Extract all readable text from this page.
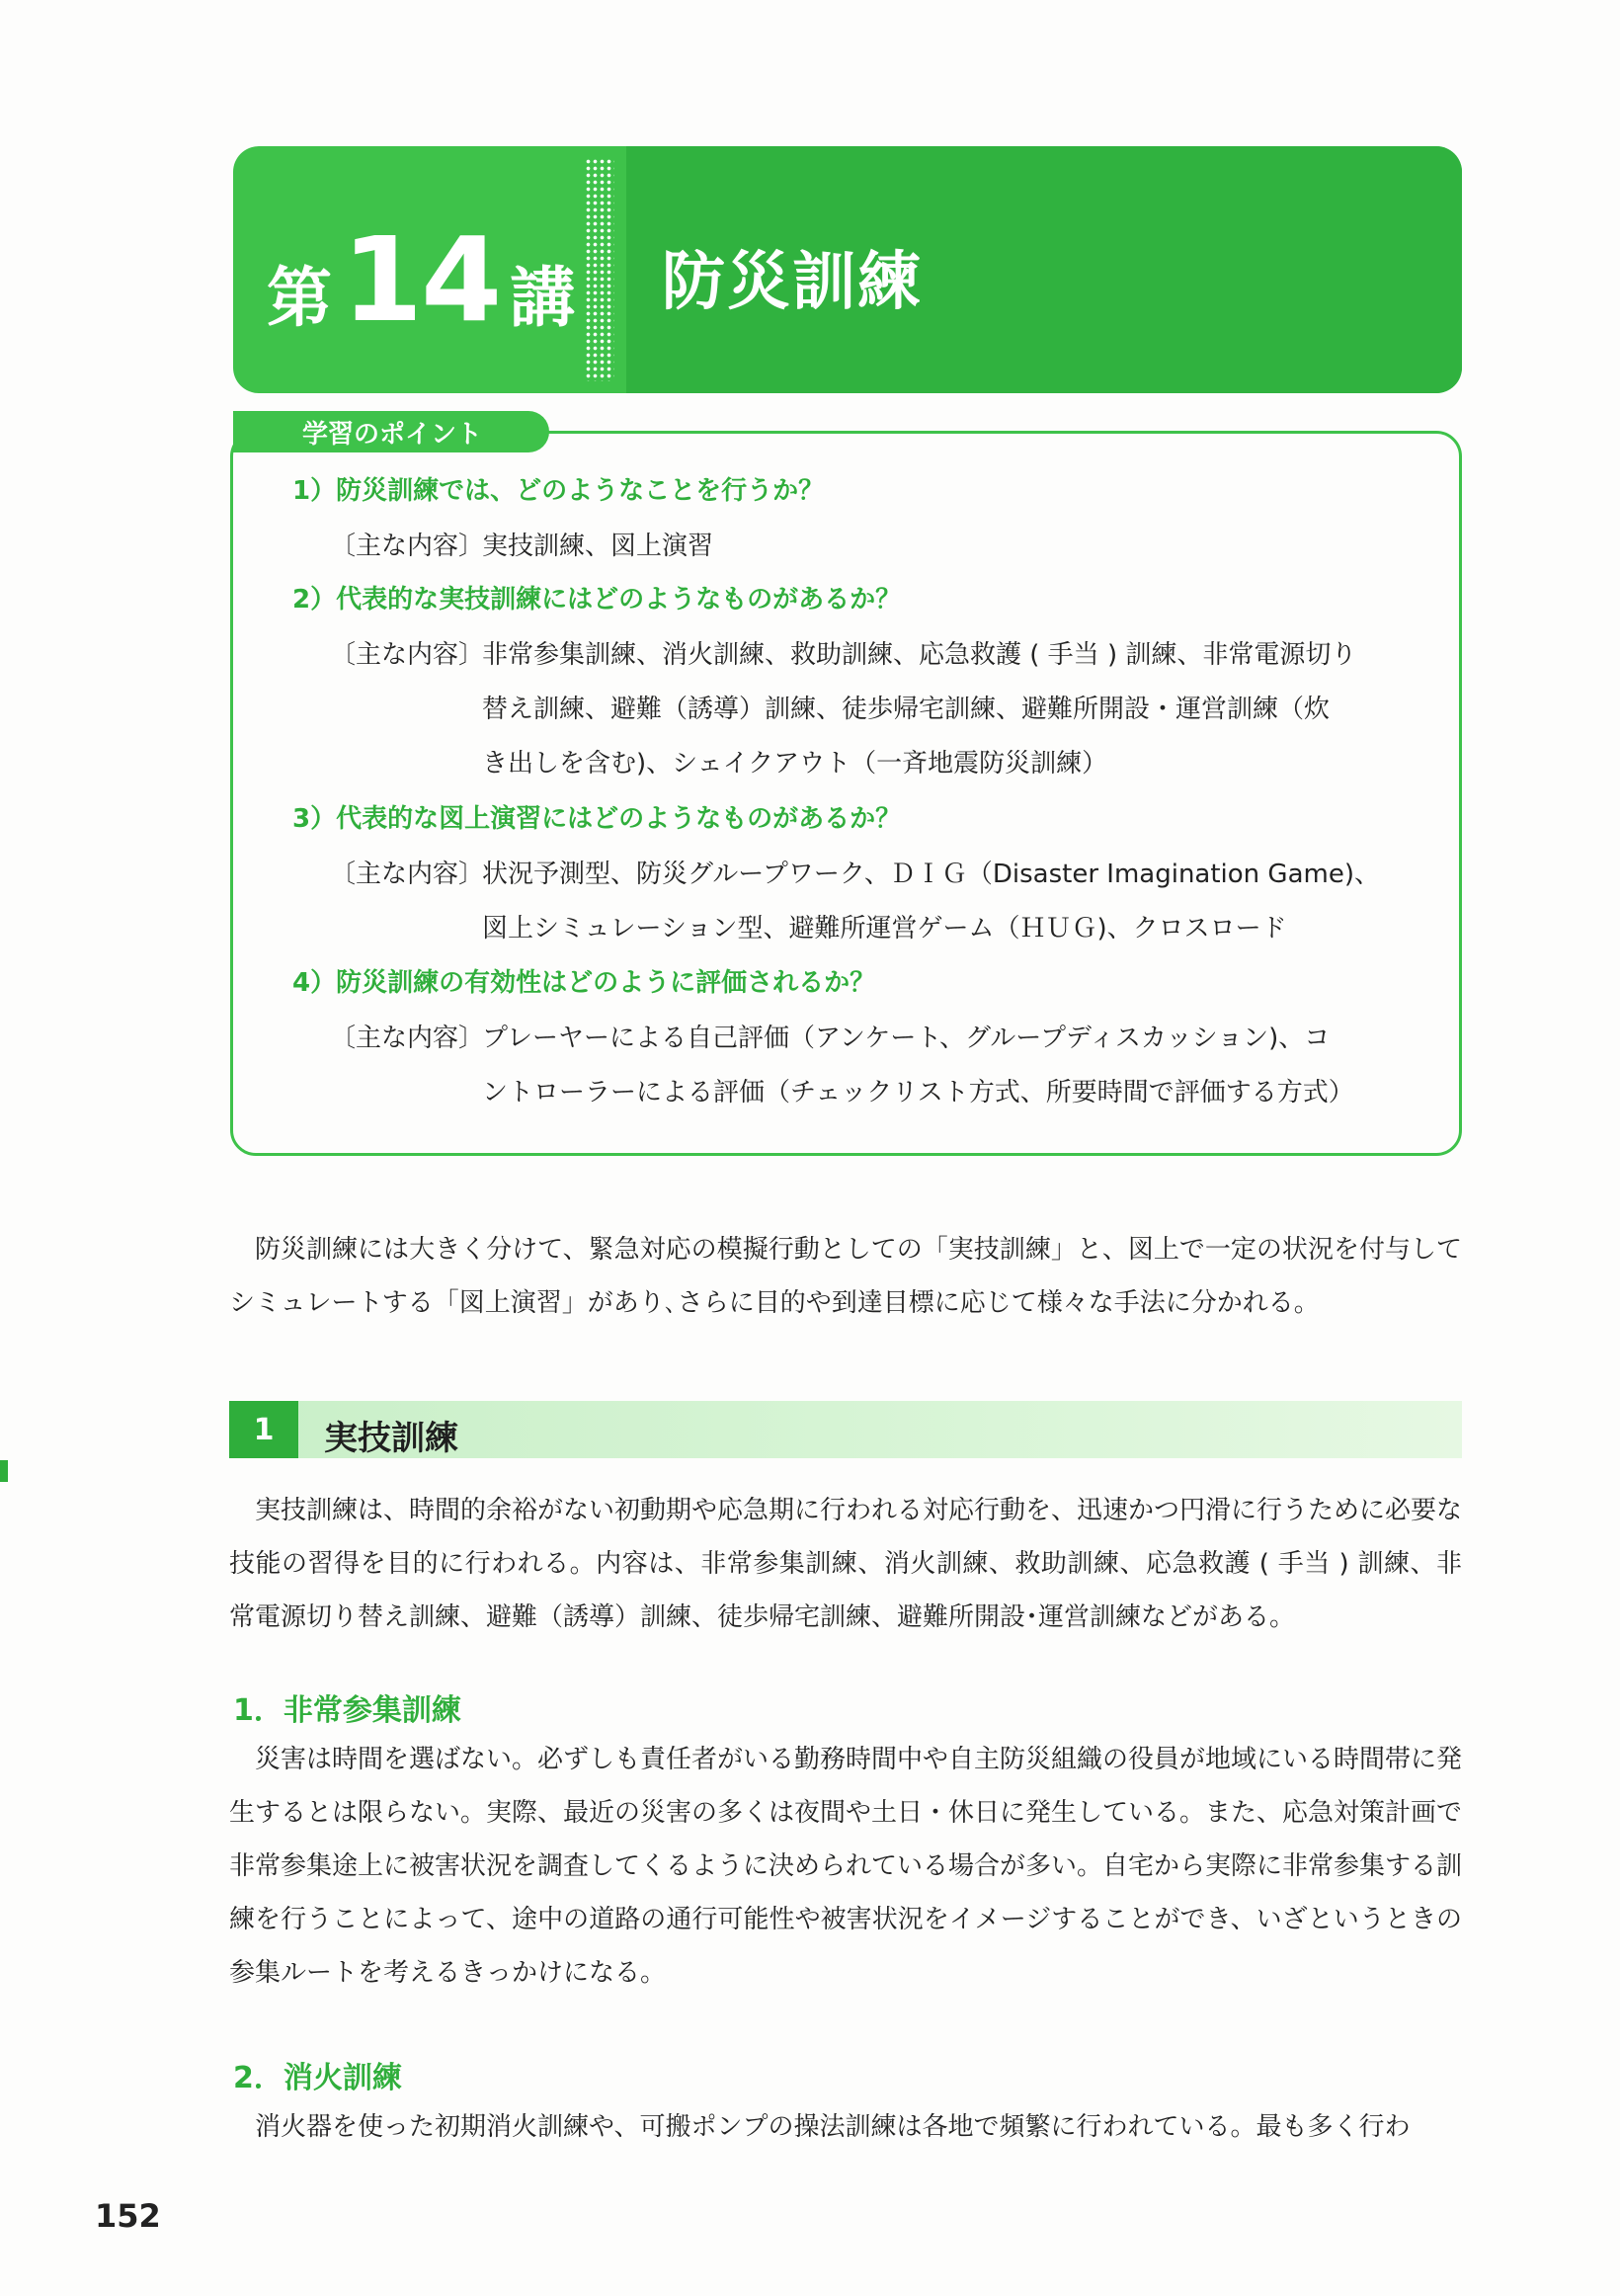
第 14 講 防災訓練
学習のポイント
1）防災訓練では、どのようなことを行うか？
〔主な内容〕
実技訓練、図上演習
2）代表的な実技訓練にはどのようなものがあるか？
〔主な内容〕
非常参集訓練、消火訓練、救助訓練、応急救護 ( 手当 ) 訓練、非常電源切り
替え訓練、避難（誘導）訓練、徒歩帰宅訓練、避難所開設・運営訓練（炊
き出しを含む)、シェイクアウト（一斉地震防災訓練）
3）代表的な図上演習にはどのようなものがあるか？
〔主な内容〕
状況予測型、防災グループワーク、ＤＩＧ（Disaster Imagination Game)、
図上シミュレーション型、避難所運営ゲーム（ＨＵＧ)、クロスロード
4）防災訓練の有効性はどのように評価されるか？
〔主な内容〕
プレーヤーによる自己評価（アンケート、グループディスカッション)、コ
ントローラーによる評価（チェックリスト方式、所要時間で評価する方式）

防災訓練には大きく分けて、緊急対応の模擬行動としての「実技訓練」と、図上で一定の状況を付与してシミュレートする「図上演習」があり､さらに目的や到達目標に応じて様々な手法に分かれる。

1	実技訓練

実技訓練は、時間的余裕がない初動期や応急期に行われる対応行動を、迅速かつ円滑に行うために必要な技能の習得を目的に行われる。内容は、非常参集訓練、消火訓練、救助訓練、応急救護 ( 手当 ) 訓練、非常電源切り替え訓練、避難（誘導）訓練、徒歩帰宅訓練、避難所開設･運営訓練などがある。

1．非常参集訓練

災害は時間を選ばない。必ずしも責任者がいる勤務時間中や自主防災組織の役員が地域にいる時間帯に発生するとは限らない。実際、最近の災害の多くは夜間や土日・休日に発生している。また、応急対策計画で非常参集途上に被害状況を調査してくるように決められている場合が多い。自宅から実際に非常参集する訓練を行うことによって、途中の道路の通行可能性や被害状況をイメージすることができ、いざというときの参集ルートを考えるきっかけになる。

2．消火訓練

消火器を使った初期消火訓練や、可搬ポンプの操法訓練は各地で頻繁に行われている。最も多く行わ

152
